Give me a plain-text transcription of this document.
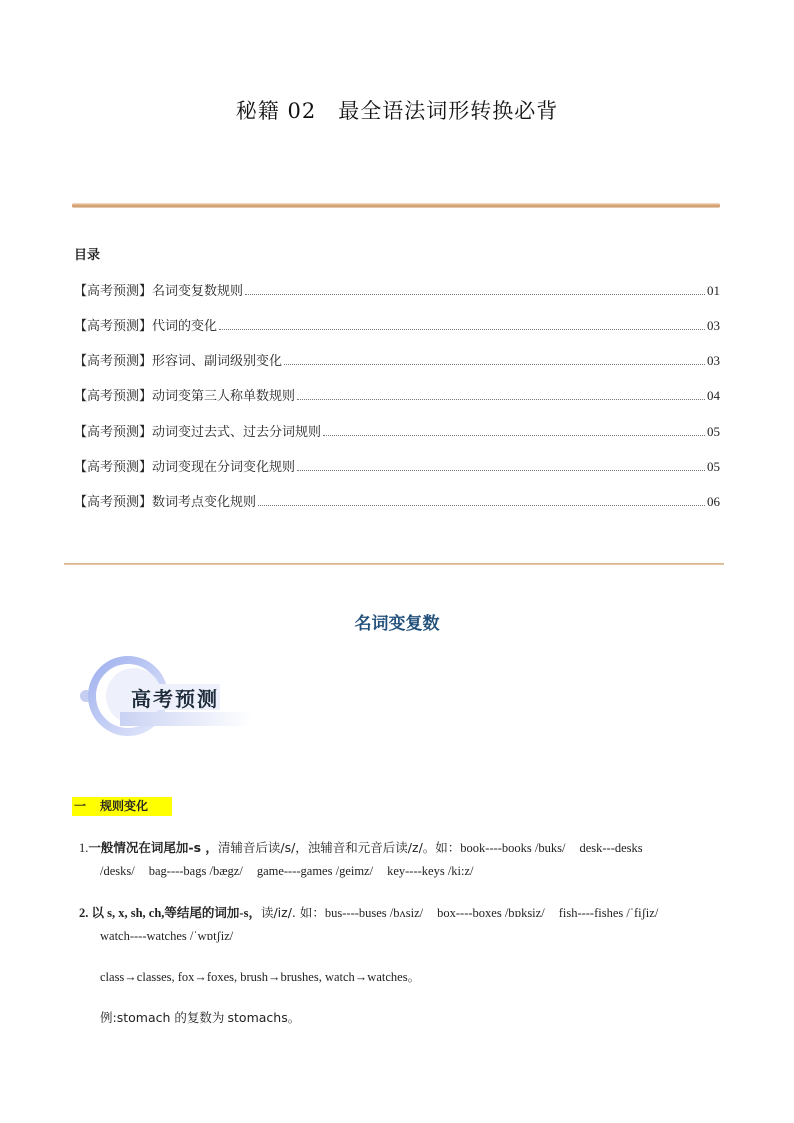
秘籍 02 最全语法词形转换必背
目录
【高考预测】 名词变复数规则	01
【高考预测】 代词的变化	03
【高考预测】 形容词、副词级别变化	03
【高考预测】 动词变第三人称单数规则	04
【高考预测】 动词变过去式、过去分词规则	05
【高考预测】 动词变现在分词变化规则	05
【高考预测】 数词考点变化规则	06
名词变复数
高考预测
一 规则变化
1.一般情况在词尾加-s ，清辅音后读/s/，浊辅音和元音后读/z/。如：book----books /buks/ desk---desks
/desks/ bag----bags /bægz/ game----games /geimz/ key----keys /ki:z/
2. 以 s, x, sh, ch,等结尾的词加-s，读/iz/. 如：bus----buses /bʌsiz/ box----boxes /bɒksiz/ fish----fishes /ˈfiʃiz/
watch----watches /ˈwɒtʃiz/
class→classes, fox→foxes, brush→brushes, watch→watches。
例:stomach 的复数为 stomachs。
